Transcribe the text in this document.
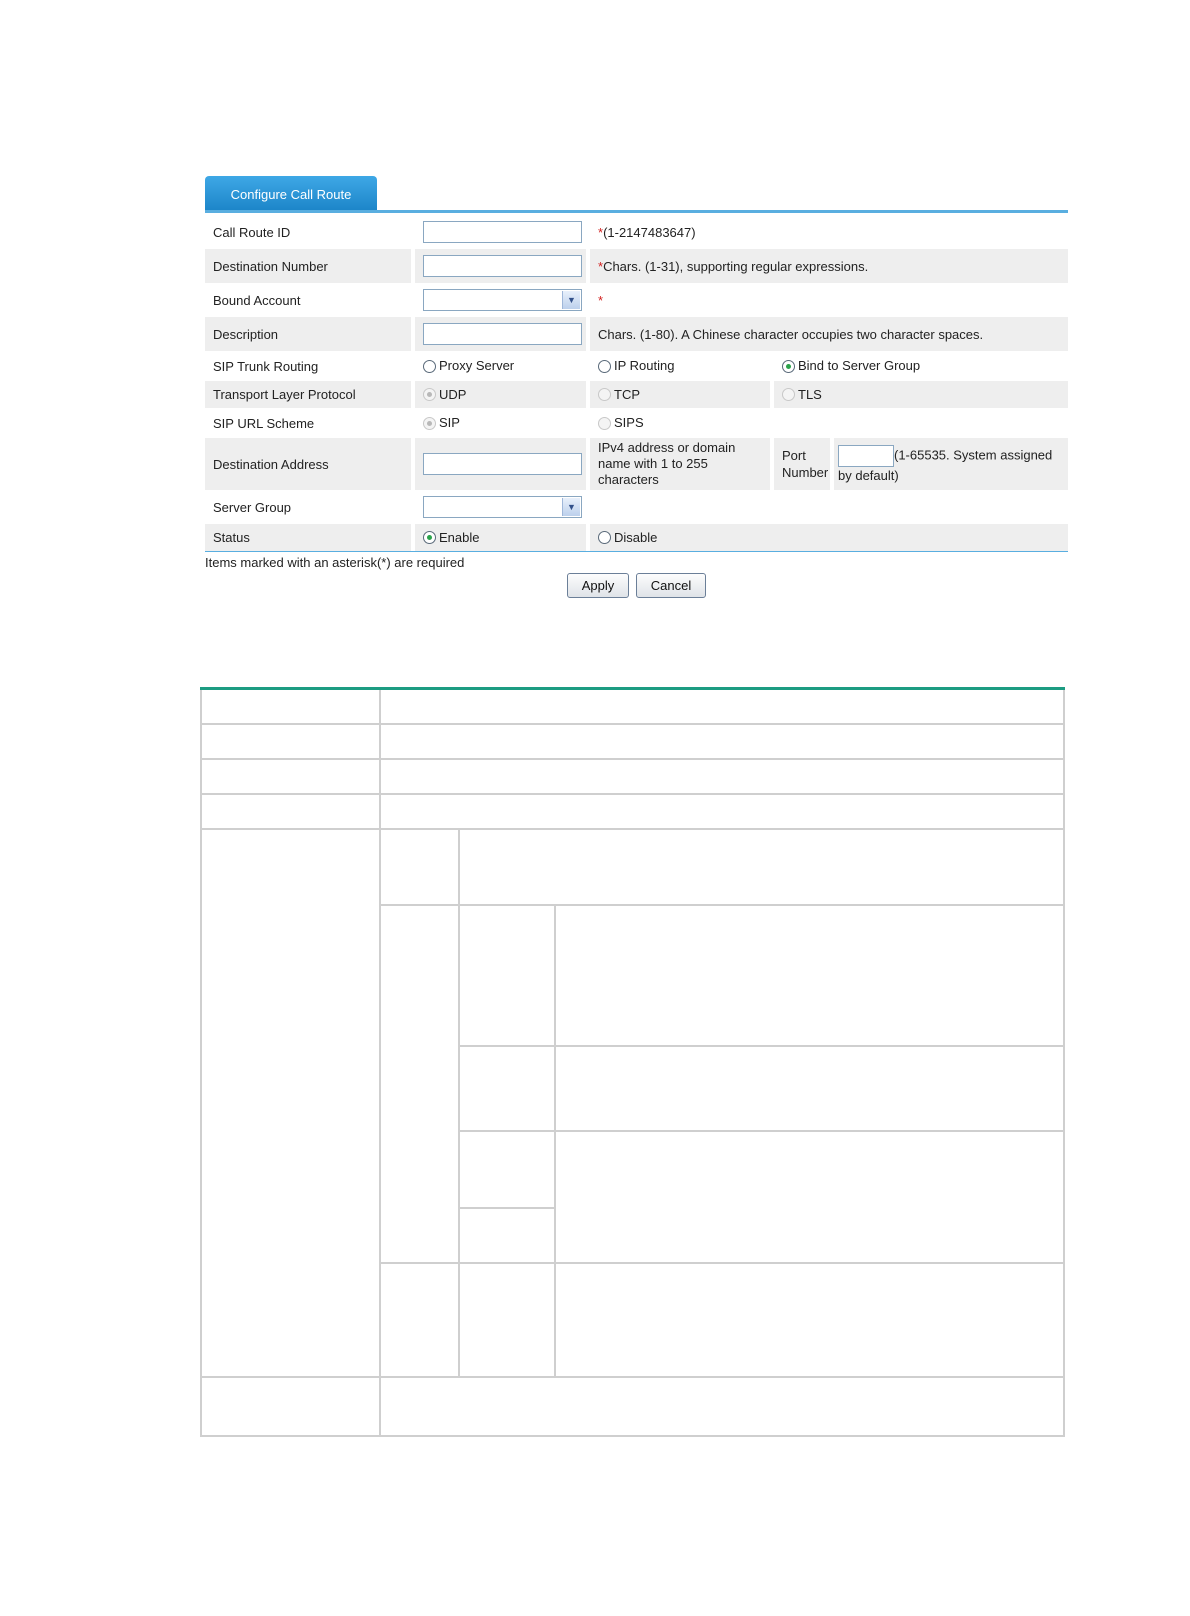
Configure Call Route
Call Route ID		*(1-2147483647)		
Destination Number		*Chars. (1-31), supporting regular expressions.		
Bound Account	▼	*		
Description		Chars. (1-80). A Chinese character occupies two character spaces.		
SIP Trunk Routing	Proxy Server	IP Routing	Bind to Server Group	
Transport Layer Protocol	UDP	TCP	TLS	
SIP URL Scheme	SIP	SIPS		
Destination Address		IPv4 address or domain name with 1 to 255 characters	Port Number	(1-65535. System assigned by default)
Server Group	▼			

Status	Enable	Disable		
Items marked with an asterisk(*) are required
Apply	Cancel
